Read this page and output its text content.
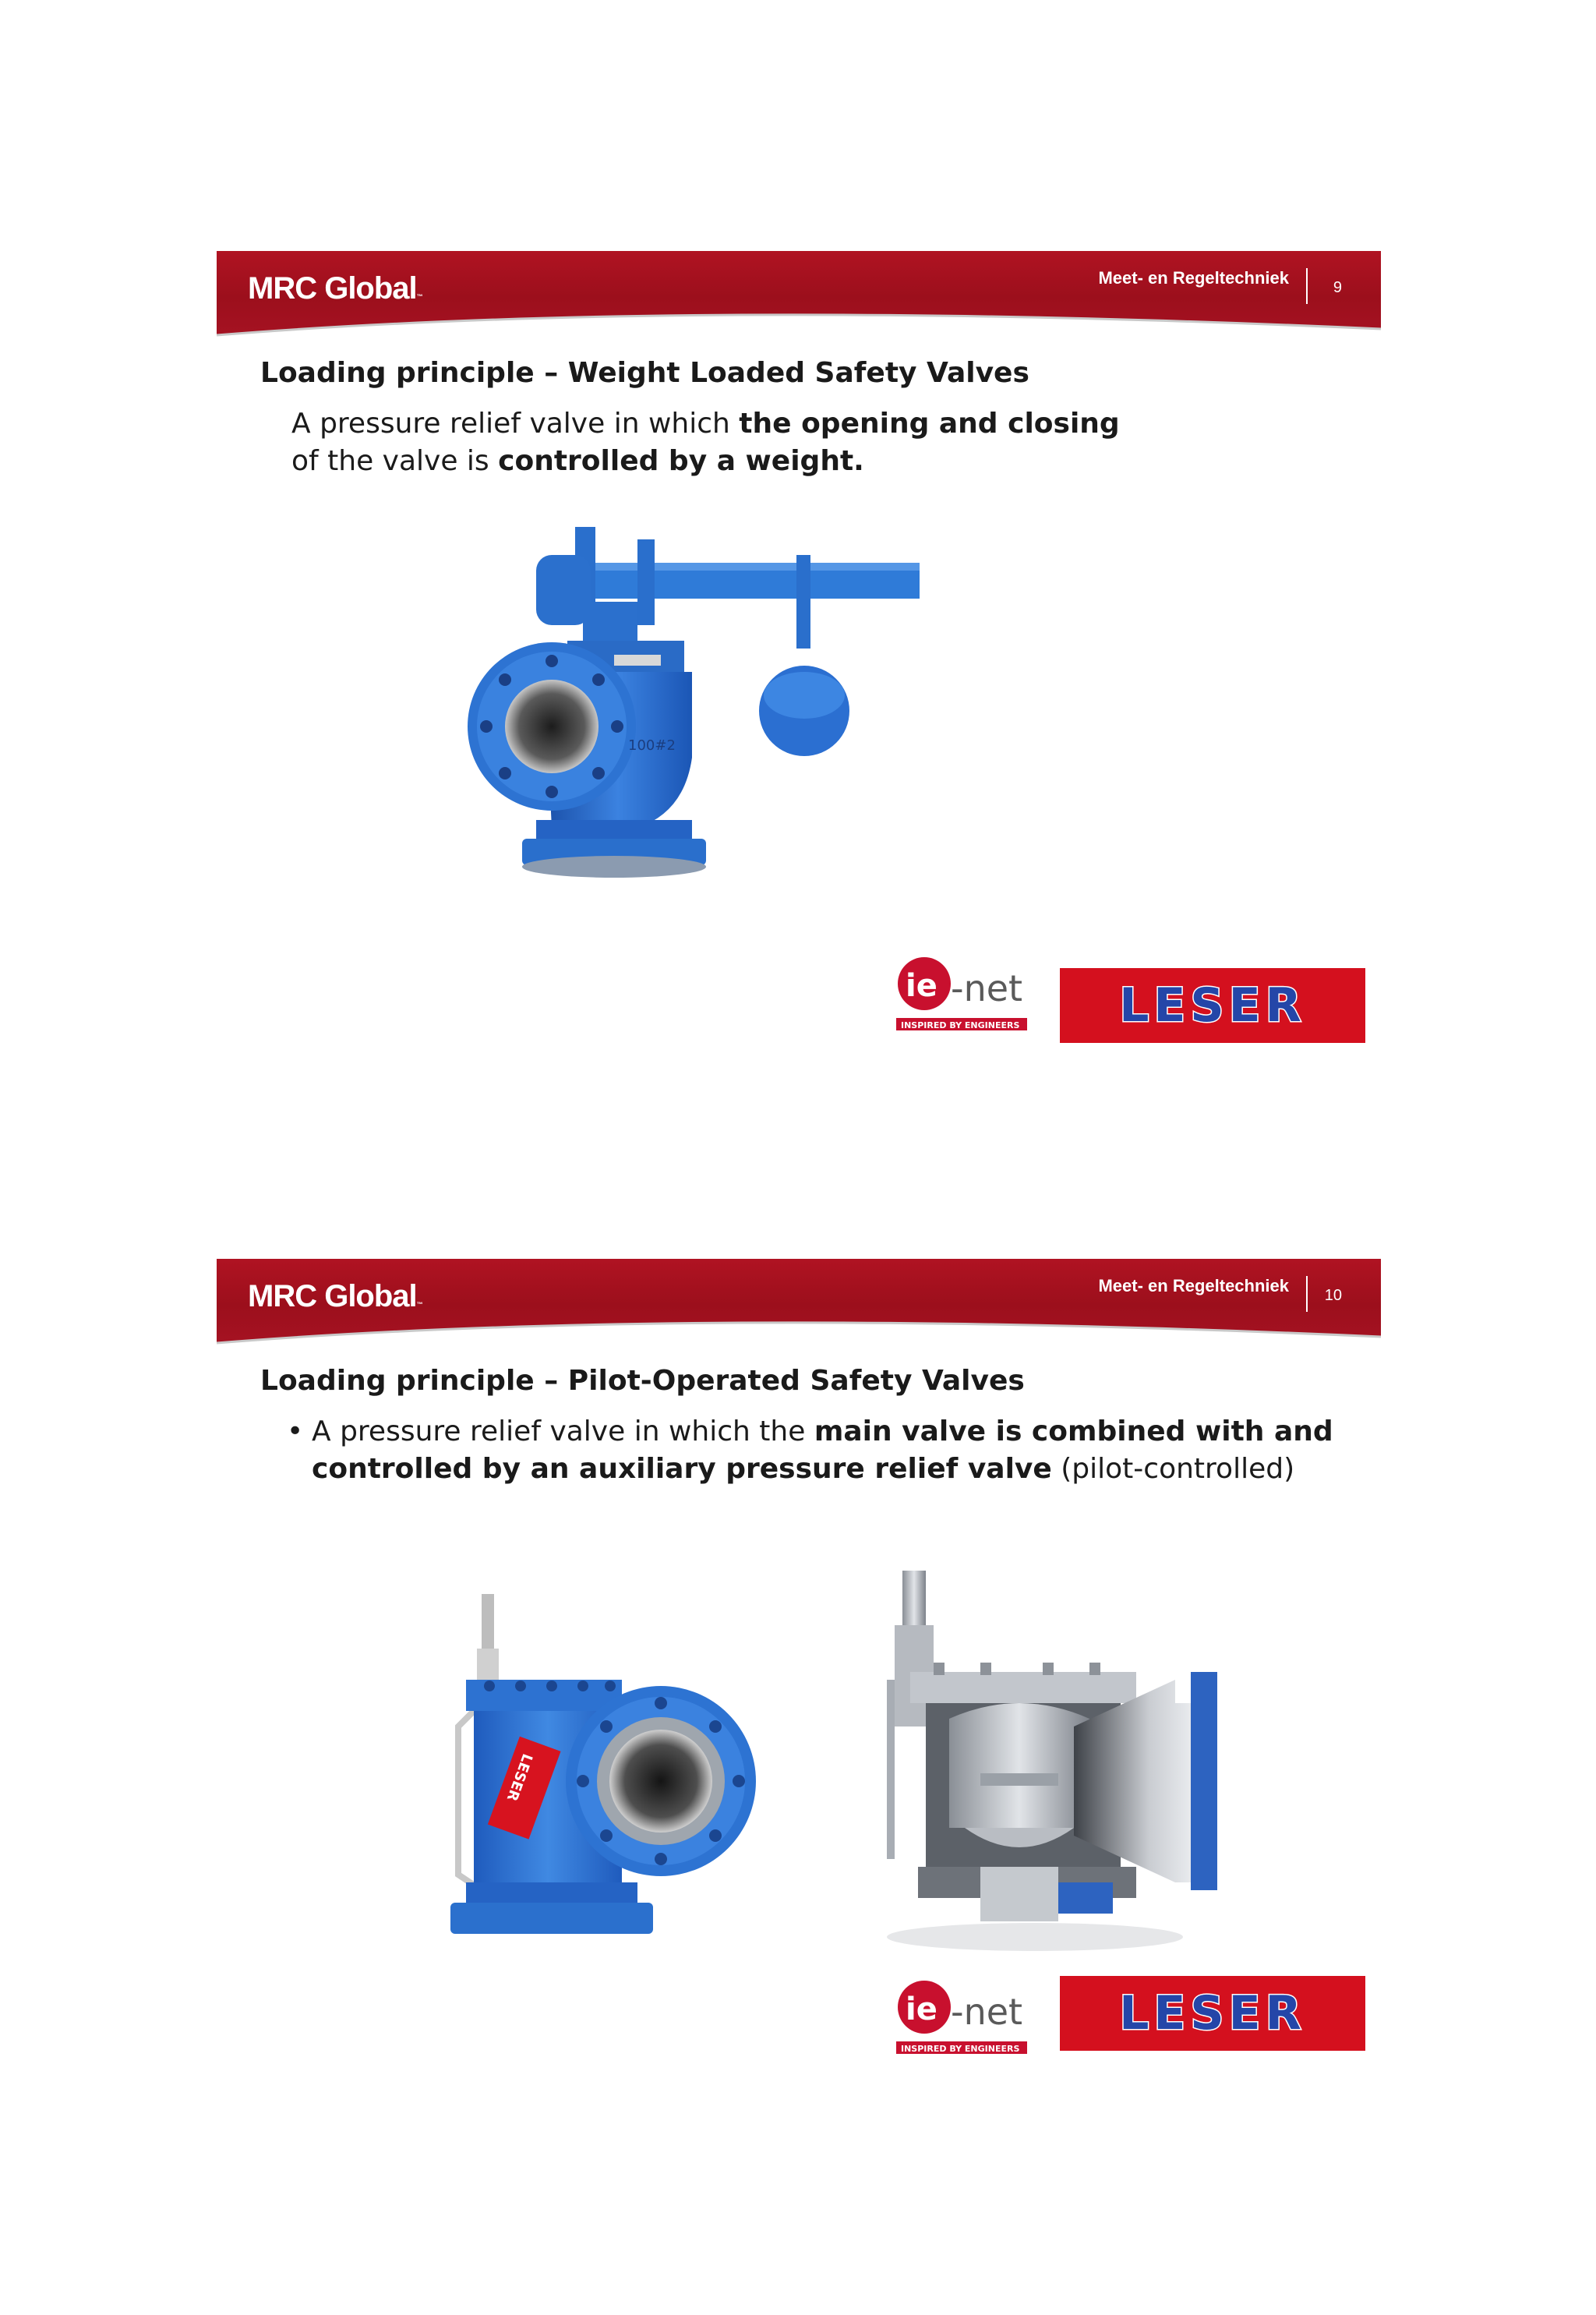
MRC Global™
Meet- en Regeltechniek	9
Loading principle – Weight Loaded Safety Valves

A pressure relief valve in which the opening and closing of the valve is controlled by a weight.

100#2
ie -net
INSPIRED BY ENGINEERS LESER
MRC Global™
Meet- en Regeltechniek 10
Loading principle – Pilot-Operated Safety Valves
• A pressure relief valve in which the main valve is combined with and controlled by an auxiliary pressure relief valve (pilot-controlled)
LESER
ie -net
INSPIRED BY ENGINEERS
LESER
